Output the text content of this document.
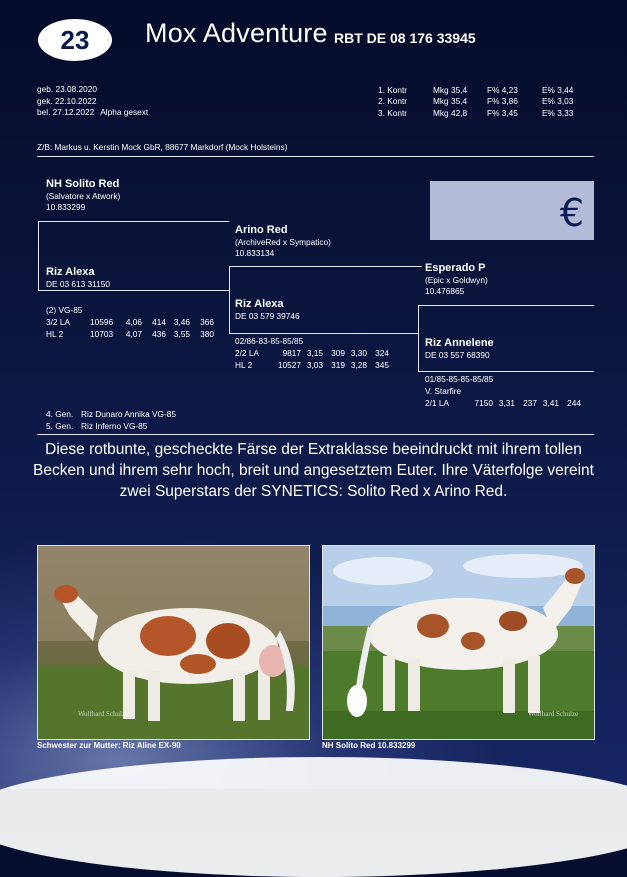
23	Mox Adventure RBT DE 08 176 33945
geb. 23.08.2020
gek. 22.10.2022
bel. 27.12.2022 Alpha gesext
1. Kontr	Mkg 35,4	F% 4,23	E% 3,44
2. Kontr	Mkg 35,4	F% 3,86	E% 3,03
3. Kontr	Mkg 42,8	F% 3,45	E% 3,33
Z/B: Markus u. Kerstin Mock GbR, 88677 Markdorf (Mock Holsteins)
€
NH Solito Red
(Salvatore x Atwork)
10.833299
Riz Alexa
DE 03 613 31150
(2) VG-85
3/2 LA	10596	4,06	414	3,46	366
HL 2	10703	4,07	436	3,55	380
Arino Red
(ArchiveRed x Sympatico)
10.833134
Riz Alexa
DE 03 579 39746
02/86-83-85-85/85
2/2 LA	9817	3,15	309	3,30	324
HL 2	10527	3,03	319	3,28	345
Esperado P
(Epic x Goldwyn)
10.476865
Riz Annelene
DE 03 557 68390
01/85-85-85-85/85
V. Starfire
2/1 LA	7150	3,31	237	3,41	244
4. Gen. Riz Dunaro Annika VG-85
5. Gen. Riz Inferno VG-85
Diese rotbunte, gescheckte Färse der Extraklasse beeindruckt mit ihrem tollen Becken und ihrem sehr hoch, breit und angesetztem Euter. Ihre Väterfolge vereint zwei Superstars der SYNETICS: Solito Red x Arino Red.
Wolfhard Schulze
Schwester zur Mutter: Riz Aline EX-90
Wolfhard Schulze
NH Solito Red 10.833299
